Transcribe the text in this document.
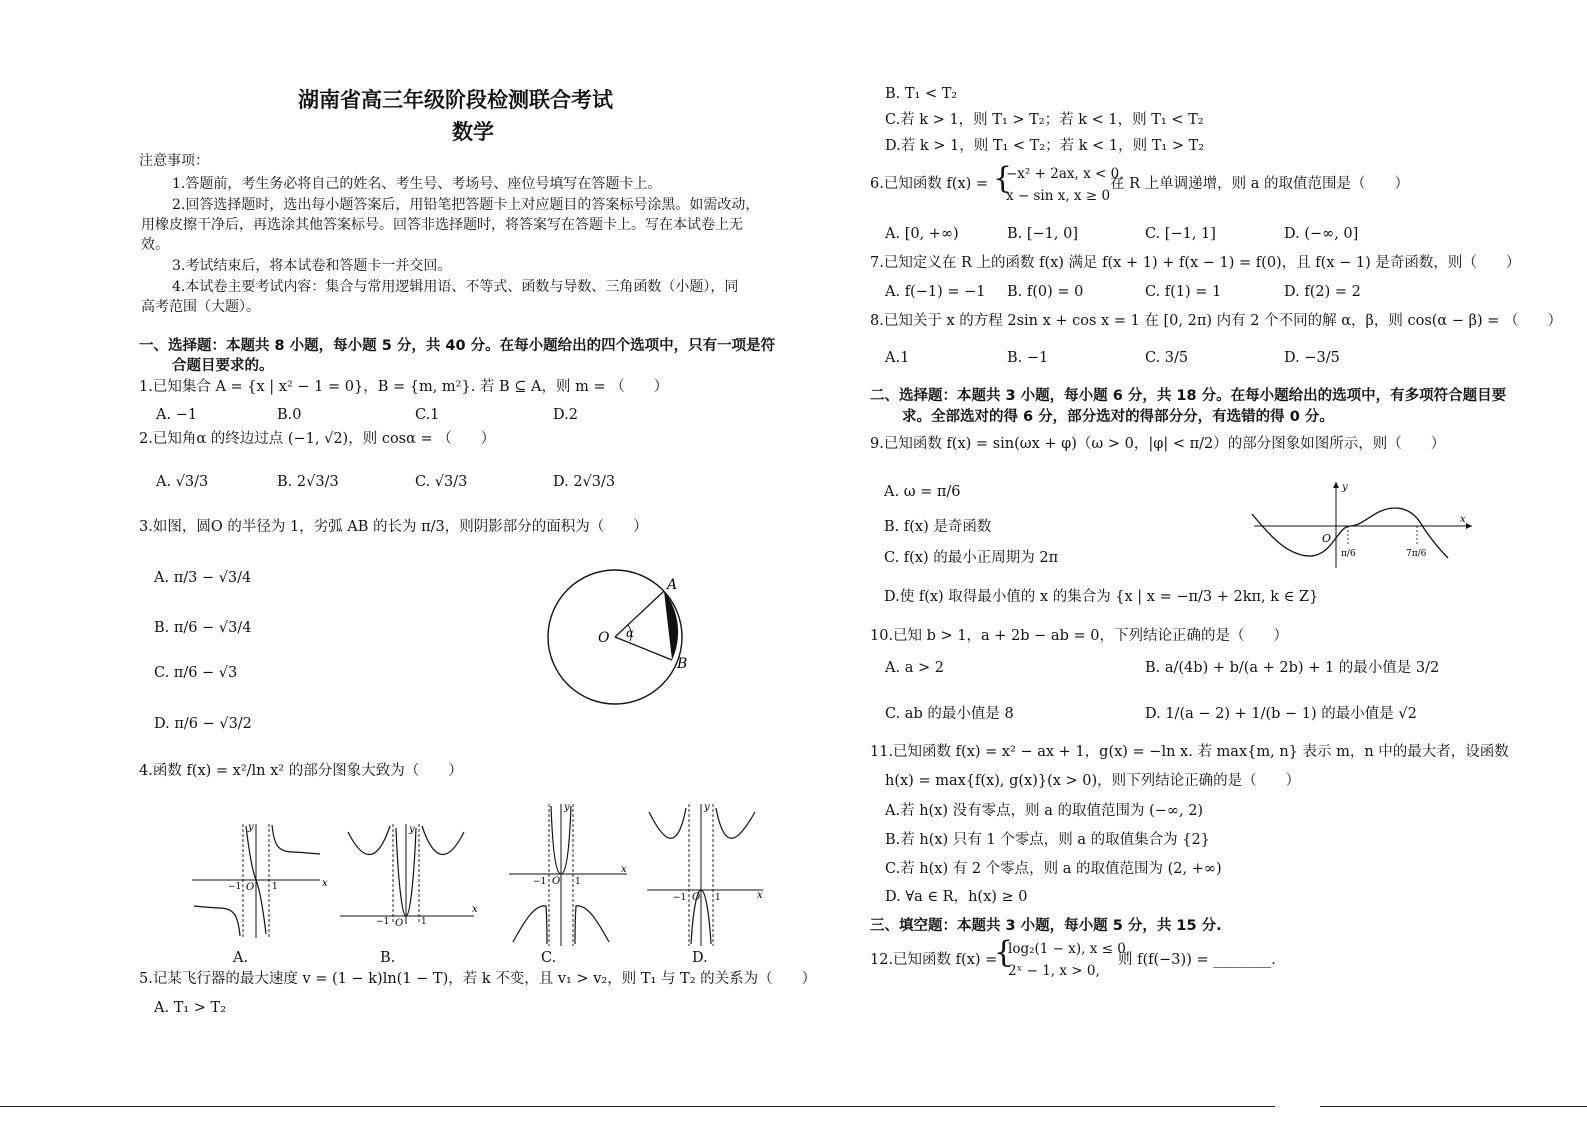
湖南省高三年级阶段检测联合考试
数学
注意事项：
1.答题前，考生务必将自己的姓名、考生号、考场号、座位号填写在答题卡上。
2.回答选择题时，选出每小题答案后，用铅笔把答题卡上对应题目的答案标号涂黑。如需改动，
用橡皮擦干净后，再选涂其他答案标号。回答非选择题时，将答案写在答题卡上。写在本试卷上无
效。
3.考试结束后，将本试卷和答题卡一并交回。
4.本试卷主要考试内容：集合与常用逻辑用语、不等式、函数与导数、三角函数（小题），同
高考范围（大题）。
一、选择题：本题共 8 小题，每小题 5 分，共 40 分。在每小题给出的四个选项中，只有一项是符
合题目要求的。
1.已知集合 A = {x | x² − 1 = 0}，B = {m, m²}. 若 B ⊆ A，则 m = （　　）
A. −1	B.0	C.1	D.2
2.已知角α 的终边过点 (−1, √2)，则 cosα = （　　）
A. √3/3	B. 2√3/3	C. √3/3	D. 2√3/3
3.如图，圆O 的半径为 1，劣弧 AB 的长为 π/3，则阴影部分的面积为（　　）
A. π/3 − √3/4
B. π/6 − √3/4
C. π/6 − √3
D. π/6 − √3/2
O α
A
B
4.函数 f(x) = x²/ln x² 的部分图象大致为（　　）
x
y
O
−1	1
x
y
O
−1	1
x
y
O
−1	1
x
y
O
−1	1
A.	B.	C.	D.
5.记某飞行器的最大速度 v = (1 − k)ln(1 − T)，若 k 不变，且 v₁ > v₂，则 T₁ 与 T₂ 的关系为（　　）
A. T₁ > T₂
B. T₁ < T₂
C.若 k > 1，则 T₁ > T₂；若 k < 1，则 T₁ < T₂
D.若 k > 1，则 T₁ < T₂；若 k < 1，则 T₁ > T₂
6.已知函数 f(x) = {
−x² + 2ax, x < 0,
x − sin x, x ≥ 0
在 R 上单调递增，则 a 的取值范围是（　　）
A. [0, +∞)	B. [−1, 0]	C. [−1, 1]	D. (−∞, 0]
7.已知定义在 R 上的函数 f(x) 满足 f(x + 1) + f(x − 1) = f(0)，且 f(x − 1) 是奇函数，则（　　）
A. f(−1) = −1 B. f(0) = 0	C. f(1) = 1	D. f(2) = 2
8.已知关于 x 的方程 2sin x + cos x = 1 在 [0, 2π) 内有 2 个不同的解 α，β，则 cos(α − β) = （　　）
A.1	B. −1	C. 3/5	D. −3/5
二、选择题：本题共 3 小题，每小题 6 分，共 18 分。在每小题给出的选项中，有多项符合题目要
求。全部选对的得 6 分，部分选对的得部分分，有选错的得 0 分。
9.已知函数 f(x) = sin(ωx + φ)（ω > 0，|φ| < π/2）的部分图象如图所示，则（　　）
A. ω = π/6
B. f(x) 是奇函数
C. f(x) 的最小正周期为 2π
D.使 f(x) 取得最小值的 x 的集合为 {x | x = −π/3 + 2kπ, k ∈ Z}
y
x
O
π/6	7π/6
10.已知 b > 1，a + 2b − ab = 0，下列结论正确的是（　　）
A. a > 2	B. a/(4b) + b/(a + 2b) + 1 的最小值是 3/2
C. ab 的最小值是 8	D. 1/(a − 2) + 1/(b − 1) 的最小值是 √2
11.已知函数 f(x) = x² − ax + 1，g(x) = −ln x. 若 max{m, n} 表示 m，n 中的最大者，设函数
h(x) = max{f(x), g(x)}(x > 0)，则下列结论正确的是（　　）
A.若 h(x) 没有零点，则 a 的取值范围为 (−∞, 2)
B.若 h(x) 只有 1 个零点，则 a 的取值集合为 {2}
C.若 h(x) 有 2 个零点，则 a 的取值范围为 (2, +∞)
D. ∀a ∈ R，h(x) ≥ 0
三、填空题：本题共 3 小题，每小题 5 分，共 15 分.
12.已知函数 f(x) =
{
log₂(1 − x), x ≤ 0,
2ˣ − 1, x > 0,
则 f(f(−3)) = ________.
